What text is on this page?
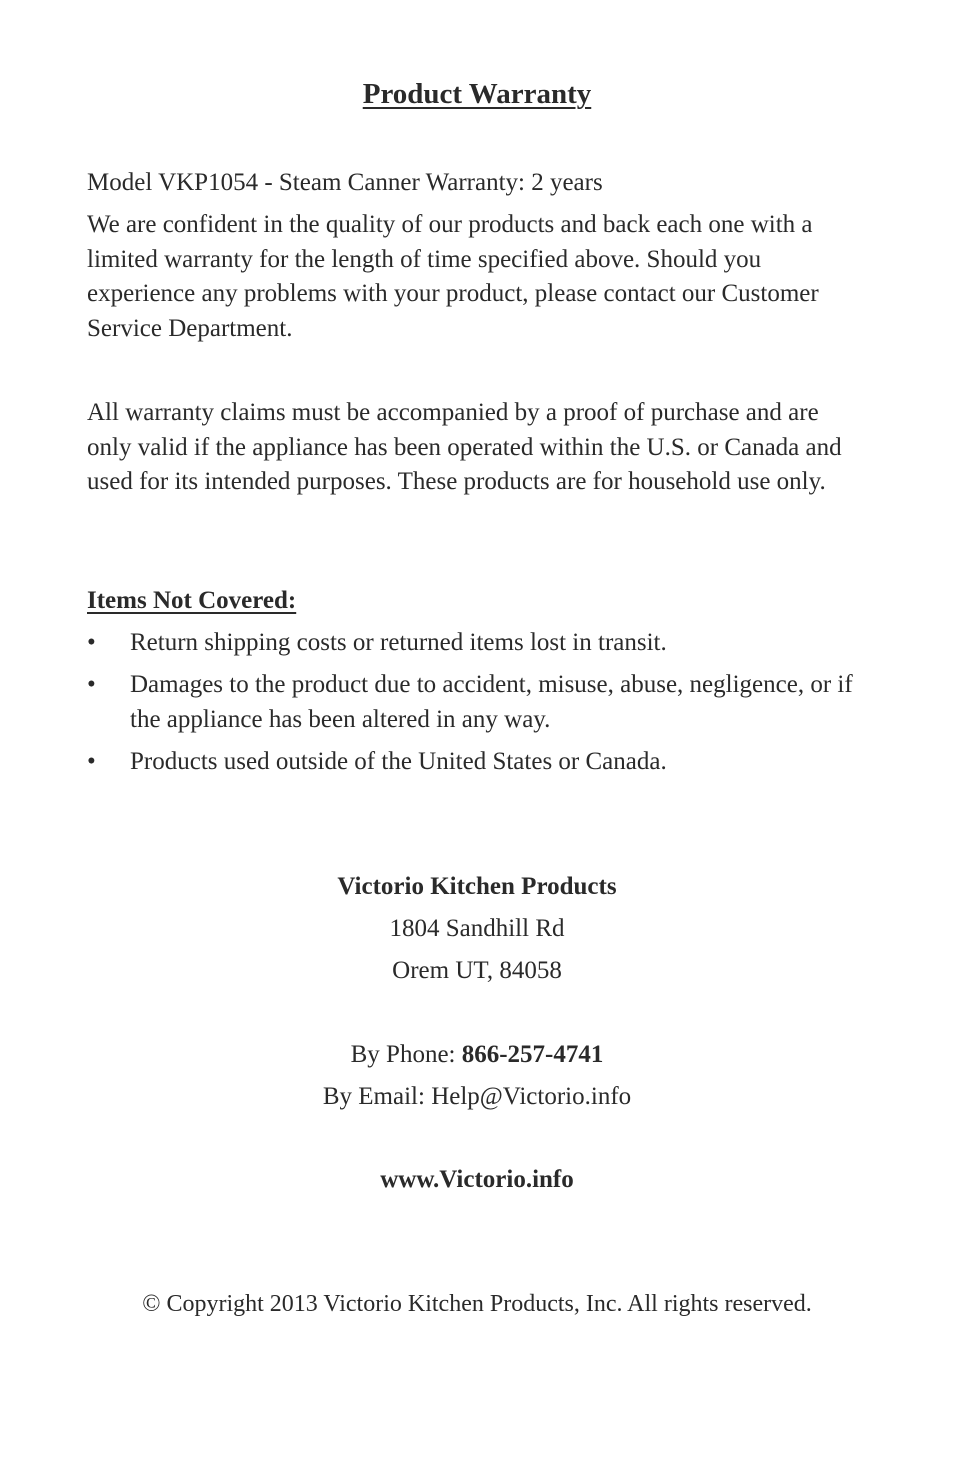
Product Warranty
Model VKP1054 - Steam Canner Warranty: 2 years
We are confident in the quality of our products and back each one with a limited warranty for the length of time specified above. Should you experience any problems with your product, please contact our Customer Service Department.
All warranty claims must be accompanied by a proof of purchase and are only valid if the appliance has been operated within the U.S. or Canada and used for its intended purposes. These products are for household use only.
Items Not Covered:
• Return shipping costs or returned items lost in transit.
• Damages to the product due to accident, misuse, abuse, negligence, or if the appliance has been altered in any way.
• Products used outside of the United States or Canada.
Victorio Kitchen Products
1804 Sandhill Rd
Orem UT, 84058
By Phone: 866-257-4741
By Email: Help@Victorio.info
www.Victorio.info
© Copyright 2013 Victorio Kitchen Products, Inc. All rights reserved.
